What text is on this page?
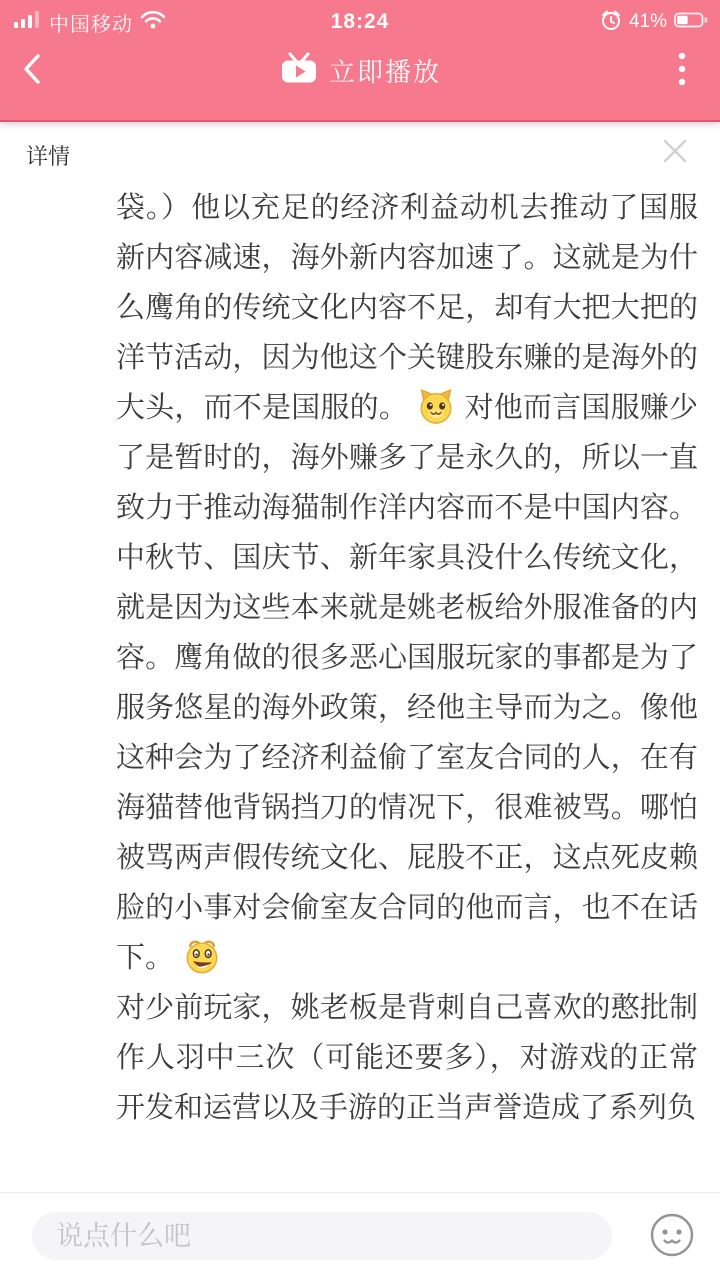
中国移动	18:24	41%
立即播放
详情
袋。）他以充足的经济利益动机去推动了国服新内容减速，海外新内容加速了。这就是为什么鹰角的传统文化内容不足，却有大把大把的洋节活动，因为他这个关键股东赚的是海外的大头，而不是国服的。 对他而言国服赚少了是暂时的，海外赚多了是永久的，所以一直致力于推动海猫制作洋内容而不是中国内容。中秋节、国庆节、新年家具没什么传统文化，就是因为这些本来就是姚老板给外服准备的内容。鹰角做的很多恶心国服玩家的事都是为了服务悠星的海外政策，经他主导而为之。像他这种会为了经济利益偷了室友合同的人，在有海猫替他背锅挡刀的情况下，很难被骂。哪怕被骂两声假传统文化、屁股不正，这点死皮赖脸的小事对会偷室友合同的他而言，也不在话下。
对少前玩家，姚老板是背刺自己喜欢的憨批制作人羽中三次（可能还要多），对游戏的正常开发和运营以及手游的正当声誉造成了系列负
说点什么吧
